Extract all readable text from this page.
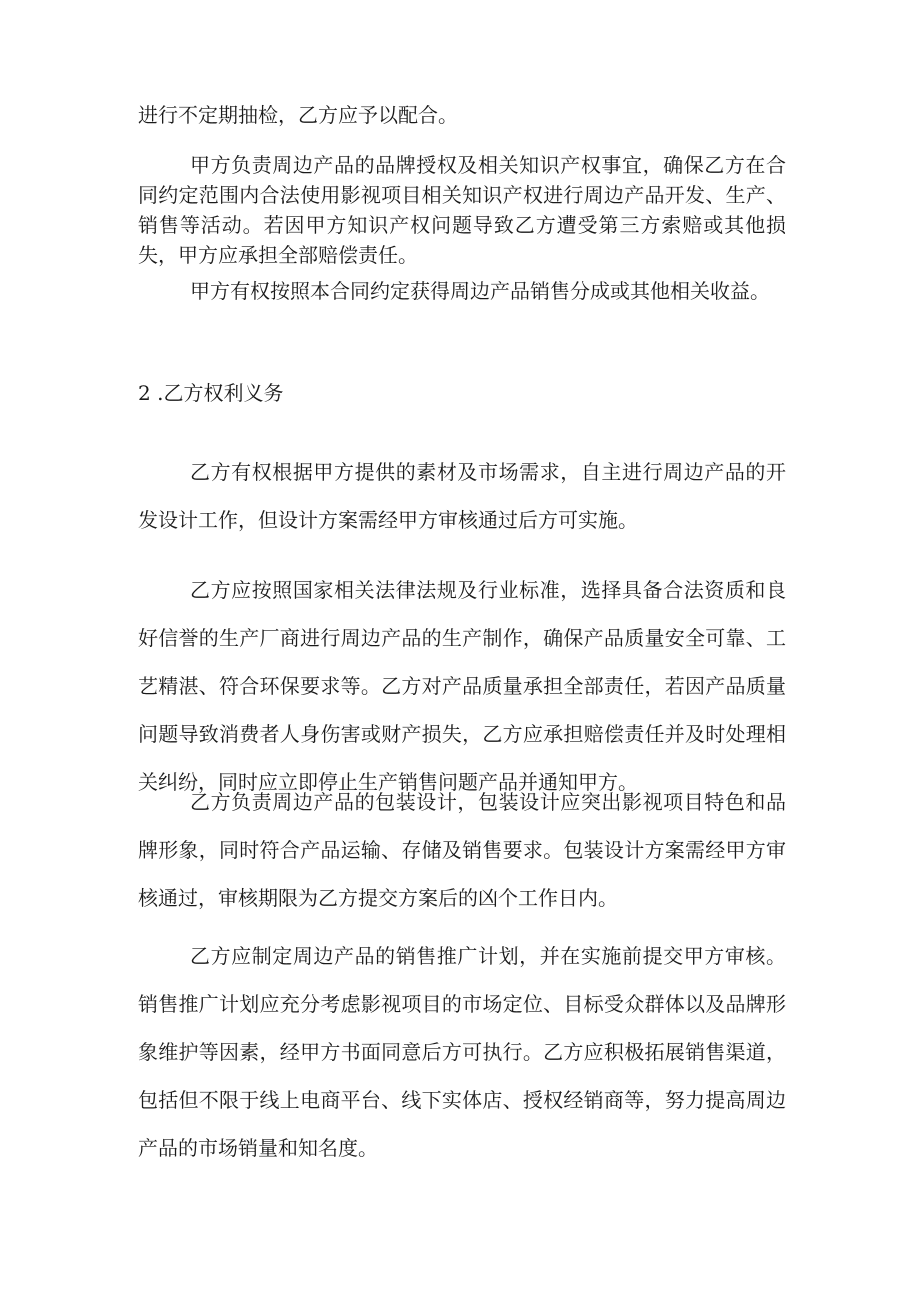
进行不定期抽检，乙方应予以配合。

甲方负责周边产品的品牌授权及相关知识产权事宜，确保乙方在合同约定范围内合法使用影视项目相关知识产权进行周边产品开发、生产、销售等活动。若因甲方知识产权问题导致乙方遭受第三方索赔或其他损失，甲方应承担全部赔偿责任。

甲方有权按照本合同约定获得周边产品销售分成或其他相关收益。

2 .乙方权利义务

乙方有权根据甲方提供的素材及市场需求，自主进行周边产品的开发设计工作，但设计方案需经甲方审核通过后方可实施。

乙方应按照国家相关法律法规及行业标准，选择具备合法资质和良好信誉的生产厂商进行周边产品的生产制作，确保产品质量安全可靠、工艺精湛、符合环保要求等。乙方对产品质量承担全部责任，若因产品质量问题导致消费者人身伤害或财产损失，乙方应承担赔偿责任并及时处理相关纠纷，同时应立即停止生产销售问题产品并通知甲方。

乙方负责周边产品的包装设计，包装设计应突出影视项目特色和品牌形象，同时符合产品运输、存储及销售要求。包装设计方案需经甲方审核通过，审核期限为乙方提交方案后的凶个工作日内。

乙方应制定周边产品的销售推广计划，并在实施前提交甲方审核。销售推广计划应充分考虑影视项目的市场定位、目标受众群体以及品牌形象维护等因素，经甲方书面同意后方可执行。乙方应积极拓展销售渠道，包括但不限于线上电商平台、线下实体店、授权经销商等，努力提高周边产品的市场销量和知名度。
